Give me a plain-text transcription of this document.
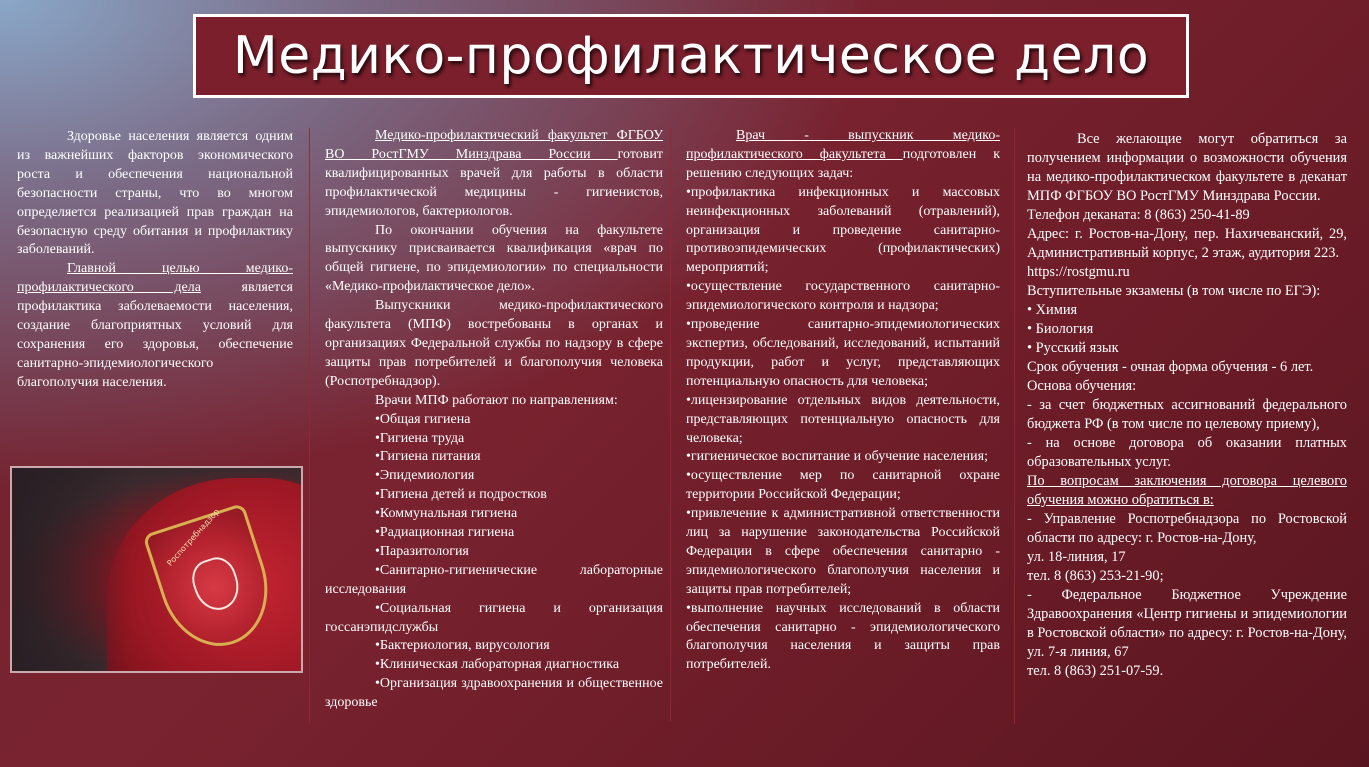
Медико-профилактическое дело

Здоровье населения является одним из важнейших факторов экономического роста и обеспечения национальной безопасности страны, что во многом определяется реализацией прав граждан на безопасную среду обитания и профилактику заболеваний.

Главной целью медико-профилактического дела является профилактика заболеваемости населения, создание благоприятных условий для сохранения его здоровья, обеспечение санитарно-эпидемиологического благополучия населения.

Роспотребнадзор

Медико-профилактический факультет ФГБОУ ВО РостГМУ Минздрава России готовит квалифицированных врачей для работы в области профилактической медицины - гигиенистов, эпидемиологов, бактериологов.

По окончании обучения на факультете выпускнику присваивается квалификация «врач по общей гигиене, по эпидемиологии» по специальности «Медико-профилактическое дело».

Выпускники медико-профилактического факультета (МПФ) востребованы в органах и организациях Федеральной службы по надзору в сфере защиты прав потребителей и благополучия человека (Роспотребнадзор).

Врачи МПФ работают по направлениям:

•Общая гигиена

•Гигиена труда

•Гигиена питания

•Эпидемиология

•Гигиена детей и подростков

•Коммунальная гигиена

•Радиационная гигиена

•Паразитология

•Санитарно-гигиенические лабораторные исследования

•Социальная гигиена и организация госсанэпидслужбы

•Бактериология, вирусология

•Клиническая лабораторная диагностика

•Организация здравоохранения и общественное здоровье

Врач - выпускник медико-профилактического факультета подготовлен к решению следующих задач:

•профилактика инфекционных и массовых неинфекционных заболеваний (отравлений), организация и проведение санитарно-противоэпидемических (профилактических) мероприятий;

•осуществление государственного санитарно-эпидемиологического контроля и надзора;

•проведение санитарно-эпидемиологических экспертиз, обследований, исследований, испытаний продукции, работ и услуг, представляющих потенциальную опасность для человека;

•лицензирование отдельных видов деятельности, представляющих потенциальную опасность для человека;

•гигиеническое воспитание и обучение населения;

•осуществление мер по санитарной охране территории Российской Федерации;

•привлечение к административной ответственности лиц за нарушение законодательства Российской Федерации в сфере обеспечения санитарно - эпидемиологического благополучия населения и защиты прав потребителей;

•выполнение научных исследований в области обеспечения санитарно - эпидемиологического благополучия населения и защиты прав потребителей.

Все желающие могут обратиться за получением информации о возможности обучения на медико-профилактическом факультете в деканат МПФ ФГБОУ ВО РостГМУ Минздрава России.

Телефон деканата: 8 (863) 250-41-89

Адрес: г. Ростов-на-Дону, пер. Нахичеванский, 29, Административный корпус, 2 этаж, аудитория 223.

https://rostgmu.ru

Вступительные экзамены (в том числе по ЕГЭ):

• Химия

• Биология

• Русский язык

Срок обучения - очная форма обучения - 6 лет.

Основа обучения:

- за счет бюджетных ассигнований федерального бюджета РФ (в том числе по целевому приему),

- на основе договора об оказании платных образовательных услуг.

По вопросам заключения договора целевого обучения можно обратиться в:

- Управление Роспотребнадзора по Ростовской области по адресу: г. Ростов-на-Дону,

ул. 18-линия, 17

тел. 8 (863) 253-21-90;

- Федеральное Бюджетное Учреждение Здравоохранения «Центр гигиены и эпидемиологии в Ростовской области» по адресу: г. Ростов-на-Дону, ул. 7-я линия, 67

тел. 8 (863) 251-07-59.
